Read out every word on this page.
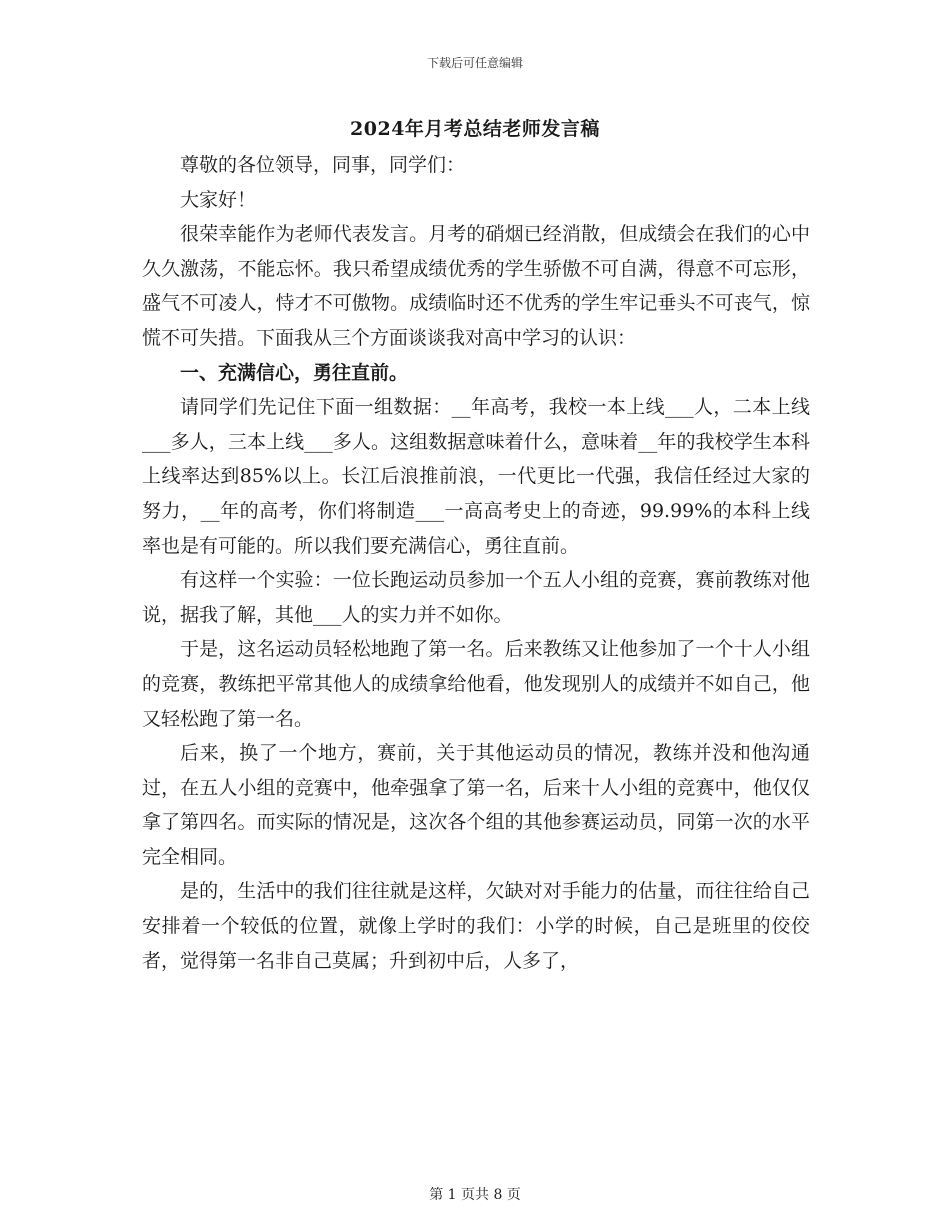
下载后可任意编辑
2024年月考总结老师发言稿

尊敬的各位领导，同事，同学们：

大家好！

很荣幸能作为老师代表发言。月考的硝烟已经消散，但成绩会在我们的心中久久激荡，不能忘怀。我只希望成绩优秀的学生骄傲不可自满，得意不可忘形，盛气不可凌人，恃才不可傲物。成绩临时还不优秀的学生牢记垂头不可丧气，惊慌不可失措。下面我从三个方面谈谈我对高中学习的认识：

一、充满信心，勇往直前。

请同学们先记住下面一组数据：__年高考，我校一本上线___人，二本上线___多人，三本上线___多人。这组数据意味着什么，意味着__年的我校学生本科上线率达到85%以上。长江后浪推前浪，一代更比一代强，我信任经过大家的努力，__年的高考，你们将制造___一高高考史上的奇迹，99.99%的本科上线率也是有可能的。所以我们要充满信心，勇往直前。

有这样一个实验：一位长跑运动员参加一个五人小组的竞赛，赛前教练对他说，据我了解，其他___人的实力并不如你。

于是，这名运动员轻松地跑了第一名。后来教练又让他参加了一个十人小组的竞赛，教练把平常其他人的成绩拿给他看，他发现别人的成绩并不如自己，他又轻松跑了第一名。

后来，换了一个地方，赛前，关于其他运动员的情况，教练并没和他沟通过，在五人小组的竞赛中，他牵强拿了第一名，后来十人小组的竞赛中，他仅仅拿了第四名。而实际的情况是，这次各个组的其他参赛运动员，同第一次的水平完全相同。

是的，生活中的我们往往就是这样，欠缺对对手能力的估量，而往往给自己安排着一个较低的位置，就像上学时的我们：小学的时候，自己是班里的佼佼者，觉得第一名非自己莫属；升到初中后，人多了，

第 1 页共 8 页
